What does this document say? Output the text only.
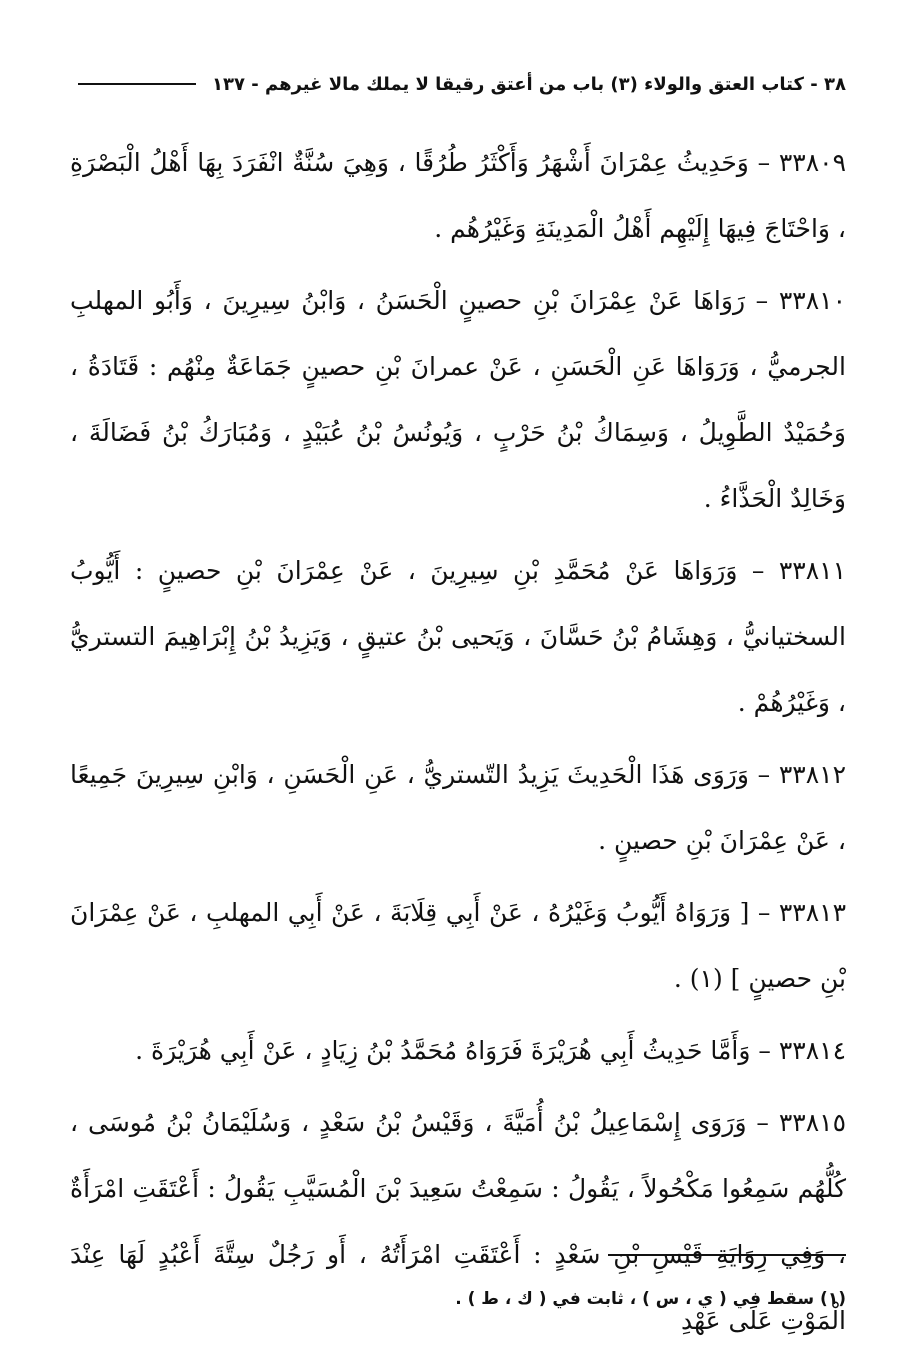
٣٨ - كتاب العتق والولاء (٣) باب من أعتق رقيقا لا يملك مالا غيرهم - ١٣٧

٣٣٨٠٩ – وَحَدِيثُ عِمْرَانَ أَشْهَرُ وَأَكْثَرُ طُرُقًا ، وَهِيَ سُنَّةٌ انْفَرَدَ بِهَا أَهْلُ الْبَصْرَةِ ، وَاحْتَاجَ فِيهَا إِلَيْهِم أَهْلُ الْمَدِينَةِ وَغَيْرُهُم .

٣٣٨١٠ – رَوَاهَا عَنْ عِمْرَانَ بْنِ حصينٍ الْحَسَنُ ، وَابْنُ سِيرِينَ ، وَأَبُو المهلبِ الجرميُّ ، وَرَوَاهَا عَنِ الْحَسَنِ ، عَنْ عمرانَ بْنِ حصينٍ جَمَاعَةٌ مِنْهُم : قَتَادَةُ ، وَحُمَيْدٌ الطَّوِيلُ ، وَسِمَاكُ بْنُ حَرْبٍ ، وَيُونُسُ بْنُ عُبَيْدٍ ، وَمُبَارَكُ بْنُ فَضَالَةَ ، وَخَالِدٌ الْحَذَّاءُ .

٣٣٨١١ – وَرَوَاهَا عَنْ مُحَمَّدِ بْنِ سِيرِينَ ، عَنْ عِمْرَانَ بْنِ حصينٍ : أَيُّوبُ السختيانيُّ ، وَهِشَامُ بْنُ حَسَّانَ ، وَيَحيى بْنُ عتيقٍ ، وَيَزِيدُ بْنُ إِبْرَاهِيمَ التستريُّ ، وَغَيْرُهُمْ .

٣٣٨١٢ – وَرَوَى هَذَا الْحَدِيثَ يَزِيدُ التّستريُّ ، عَنِ الْحَسَنِ ، وَابْنِ سِيرِينَ جَمِيعًا ، عَنْ عِمْرَانَ بْنِ حصينٍ .

٣٣٨١٣ – [ وَرَوَاهُ أَيُّوبُ وَغَيْرُهُ ، عَنْ أَبِي قِلَابَةَ ، عَنْ أَبِي المهلبِ ، عَنْ عِمْرَانَ بْنِ حصينٍ ] (١) .

٣٣٨١٤ – وَأَمَّا حَدِيثُ أَبِي هُرَيْرَةَ فَرَوَاهُ مُحَمَّدُ بْنُ زِيَادٍ ، عَنْ أَبِي هُرَيْرَةَ .

٣٣٨١٥ – وَرَوَى إِسْمَاعِيلُ بْنُ أُمَيَّةَ ، وَقَيْسُ بْنُ سَعْدٍ ، وَسُلَيْمَانُ بْنُ مُوسَى ، كُلُّهُم سَمِعُوا مَكْحُولاً ، يَقُولُ : سَمِعْتُ سَعِيدَ بْنَ الْمُسَيَّبِ يَقُولُ : أَعْتَقَتِ امْرَأَةٌ ، وَفِي رِوَايَةِ قَيْسِ بْنِ سَعْدٍ : أَعْتَقَتِ امْرَأَتُهُ ، أَو رَجُلٌ سِتَّةَ أَعْبُدٍ لَهَا عِنْدَ الْمَوْتِ عَلَى عَهْدِ

(١) سقط في ( ي ، س ) ، ثابت في ( ك ، ط ) .
